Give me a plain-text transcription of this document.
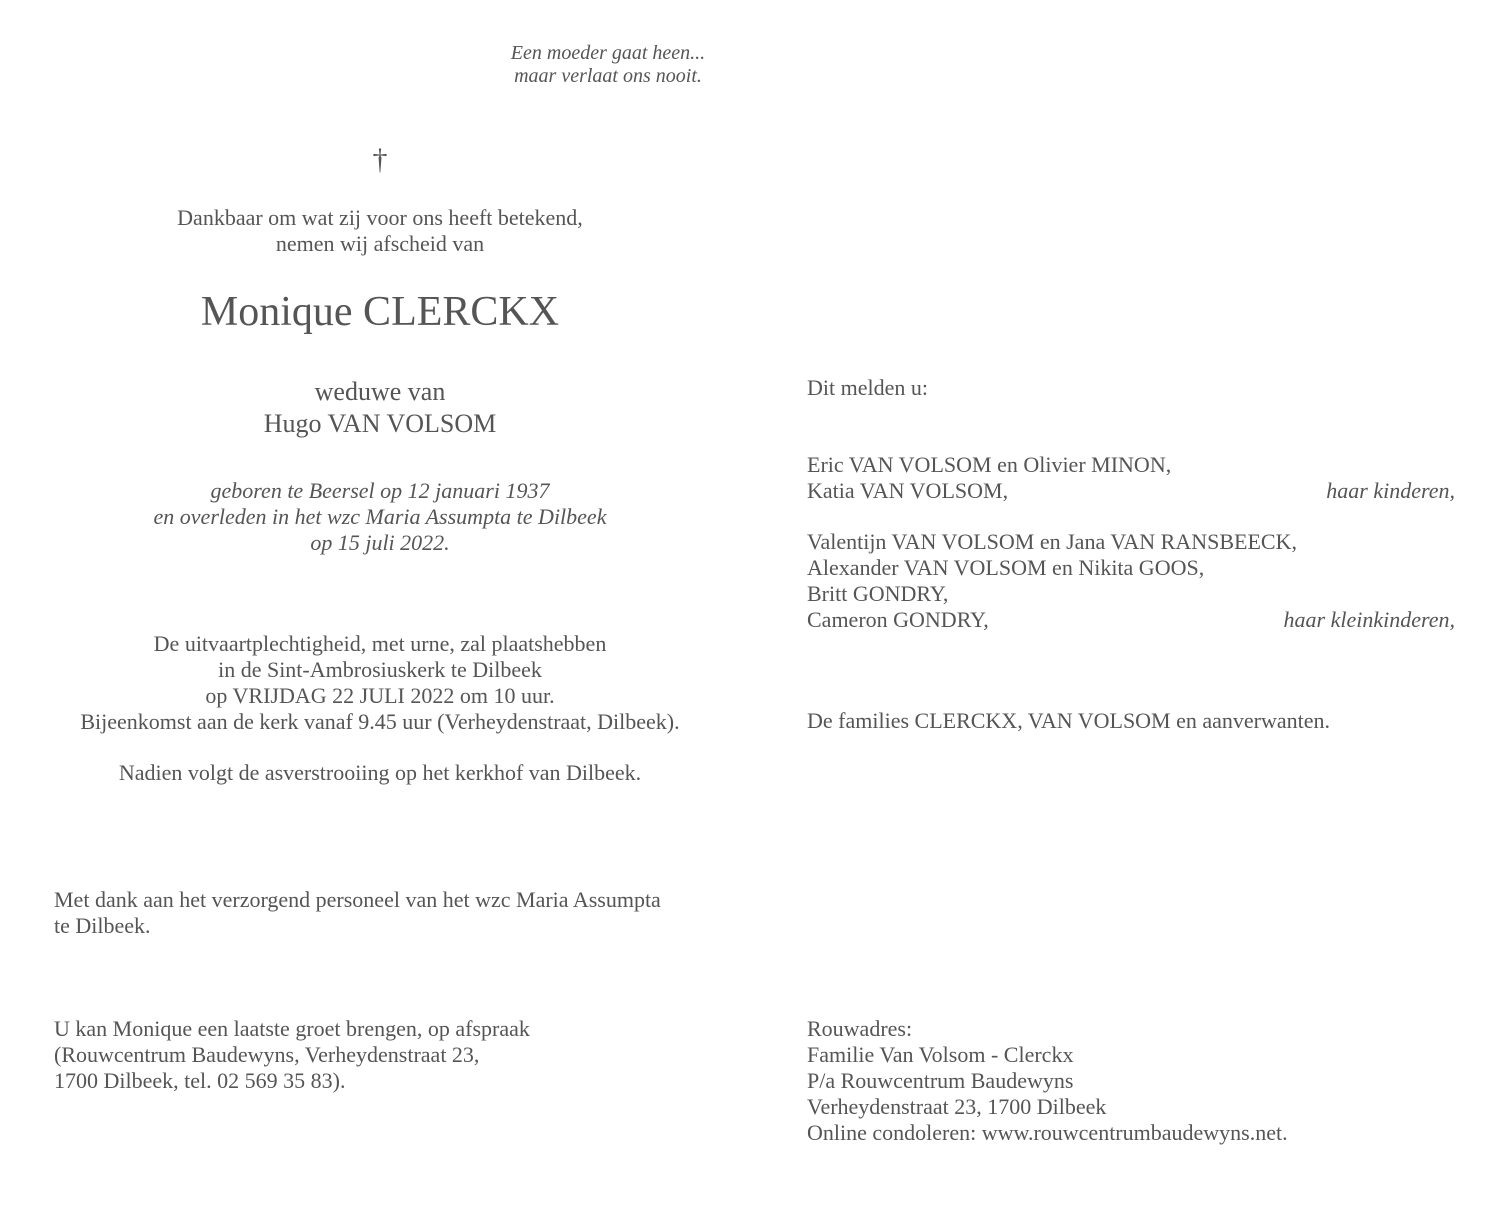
Een moeder gaat heen...
maar verlaat ons nooit.
†
Dankbaar om wat zij voor ons heeft betekend,
nemen wij afscheid van
Monique CLERCKX
weduwe van
Hugo VAN VOLSOM
geboren te Beersel op 12 januari 1937
en overleden in het wzc Maria Assumpta te Dilbeek
op 15 juli 2022.
De uitvaartplechtigheid, met urne, zal plaatshebben
in de Sint-Ambrosiuskerk te Dilbeek
op VRIJDAG 22 JULI 2022 om 10 uur.
Bijeenkomst aan de kerk vanaf 9.45 uur (Verheydenstraat, Dilbeek).
Nadien volgt de asverstrooiing op het kerkhof van Dilbeek.
Met dank aan het verzorgend personeel van het wzc Maria Assumpta
te Dilbeek.
U kan Monique een laatste groet brengen, op afspraak
(Rouwcentrum Baudewyns, Verheydenstraat 23,
1700 Dilbeek, tel. 02 569 35 83).
Dit melden u:
Eric VAN VOLSOM en Olivier MINON,
Katia VAN VOLSOM,	haar kinderen,
Valentijn VAN VOLSOM en Jana VAN RANSBEECK,
Alexander VAN VOLSOM en Nikita GOOS,
Britt GONDRY,
Cameron GONDRY,	haar kleinkinderen,
De families CLERCKX, VAN VOLSOM en aanverwanten.
Rouwadres:
Familie Van Volsom - Clerckx
P/a Rouwcentrum Baudewyns
Verheydenstraat 23, 1700 Dilbeek
Online condoleren: www.rouwcentrumbaudewyns.net.
